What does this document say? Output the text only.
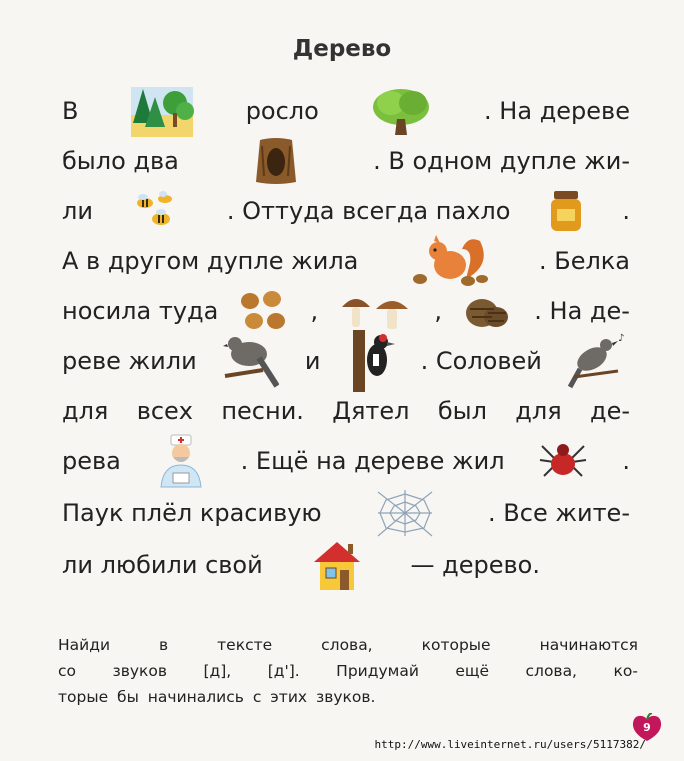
Дерево
В	росло	. На дереве
было два	. В одном дупле жи-
ли	. Оттуда всегда пахло	.
А в другом дупле жила	. Белка
носила туда	,	,	. На де-
реве жили	и	. Соловей
♪
для всех песни. Дятел был для де-
рева	. Ещё на дереве жил	.
Паук плёл красивую	. Все жите-
ли любили свой	— дерево.
Найди	в	тексте	слова,	которые	начинаются
со звуков [д], [д']. Придумай ещё слова, ко-
торые бы начинались с этих звуков.
9
http://www.liveinternet.ru/users/5117382/
